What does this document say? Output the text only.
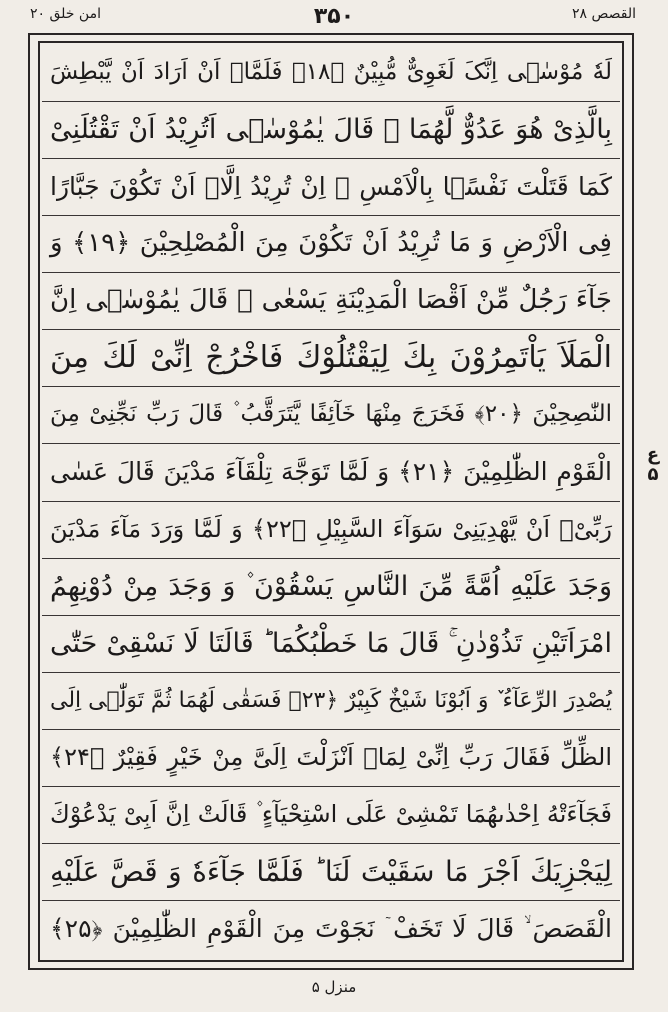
القصص ۲۸
۳۵۰
امن خلق ۲۰
لَهٗ مُوْسٰۤی اِنَّکَ لَغَوِیٌّ مُّبِیْنٌ ﴿۱۸﴾ فَلَمَّاۤ اَنْ اَرَادَ اَنْ یَّبْطِشَ
بِالَّذِیْ هُوَ عَدُوٌّ لَّهُمَا ۙ قَالَ یٰمُوْسٰۤی اَتُرِیْدُ اَنْ تَقْتُلَنِیْ
كَمَا قَتَلْتَ نَفْسًۢا بِالْاَمْسِ ۖ اِنْ تُرِیْدُ اِلَّاۤ اَنْ تَكُوْنَ جَبَّارًا
فِی الْاَرْضِ وَ مَا تُرِیْدُ اَنْ تَكُوْنَ مِنَ الْمُصْلِحِیْنَ ﴿۱۹﴾ وَ
جَآءَ رَجُلٌ مِّنْ اَقْصَا الْمَدِیْنَةِ یَسْعٰی ۫ قَالَ یٰمُوْسٰۤی اِنَّ
الْمَلَاَ یَاْتَمِرُوْنَ بِكَ لِیَقْتُلُوْكَ فَاخْرُجْ اِنِّیْ لَكَ مِنَ
النّٰصِحِیْنَ ﴿۲۰﴾ فَخَرَجَ مِنْهَا خَآئِفًا یَّتَرَقَّبُ ۫ قَالَ رَبِّ نَجِّنِیْ مِنَ
الْقَوْمِ الظّٰلِمِیْنَ ﴿۲۱﴾ وَ لَمَّا تَوَجَّهَ تِلْقَآءَ مَدْیَنَ قَالَ عَسٰی
رَبِّیْۤ اَنْ یَّهْدِیَنِیْ سَوَآءَ السَّبِیْلِ ﴿۲۲﴾ وَ لَمَّا وَرَدَ مَآءَ مَدْیَنَ
وَجَدَ عَلَیْهِ اُمَّةً مِّنَ النَّاسِ یَسْقُوْنَ ۫ وَ وَجَدَ مِنْ دُوْنِهِمُ
امْرَاَتَیْنِ تَذُوْدٰنِ ۚ قَالَ مَا خَطْبُكُمَا ؕ قَالَتَا لَا نَسْقِیْ حَتّٰی
یُصْدِرَ الرِّعَآءُ ٚ وَ اَبُوْنَا شَیْخٌ كَبِیْرٌ ﴿۲۳﴾ فَسَقٰی لَهُمَا ثُمَّ تَوَلّٰۤی اِلَی
الظِّلِّ فَقَالَ رَبِّ اِنِّیْ لِمَاۤ اَنْزَلْتَ اِلَیَّ مِنْ خَیْرٍ فَقِیْرٌ ﴿۲۴﴾
فَجَآءَتْهُ اِحْدٰىهُمَا تَمْشِیْ عَلَی اسْتِحْیَآءٍ ۫ قَالَتْ اِنَّ اَبِیْ یَدْعُوْكَ
لِیَجْزِیَكَ اَجْرَ مَا سَقَیْتَ لَنَا ؕ فَلَمَّا جَآءَهٗ وَ قَصَّ عَلَیْهِ
الْقَصَصَ ۙ قَالَ لَا تَخَفْ ٙ نَجَوْتَ مِنَ الْقَوْمِ الظّٰلِمِیْنَ ﴿۲۵﴾
ع
۵
منزل ۵
